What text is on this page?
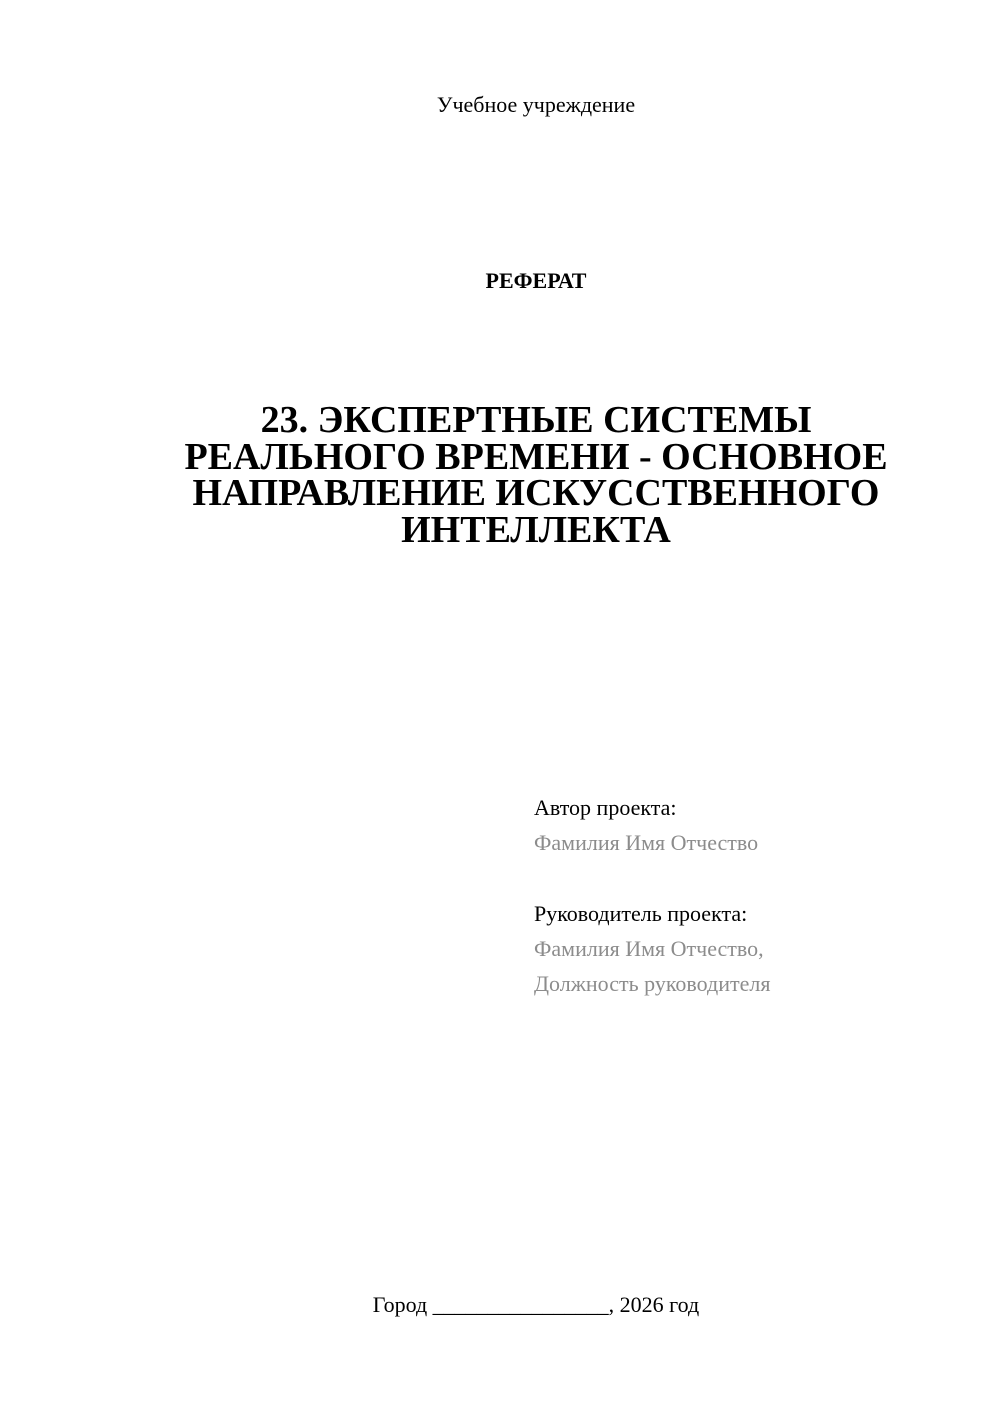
Учебное учреждение
РЕФЕРАТ
23. ЭКСПЕРТНЫЕ СИСТЕМЫ
РЕАЛЬНОГО ВРЕМЕНИ - ОСНОВНОЕ
НАПРАВЛЕНИЕ ИСКУССТВЕННОГО
ИНТЕЛЛЕКТА
Автор проекта:
Фамилия Имя Отчество
Руководитель проекта:
Фамилия Имя Отчество,
Должность руководителя
Город ________________, 2026 год
